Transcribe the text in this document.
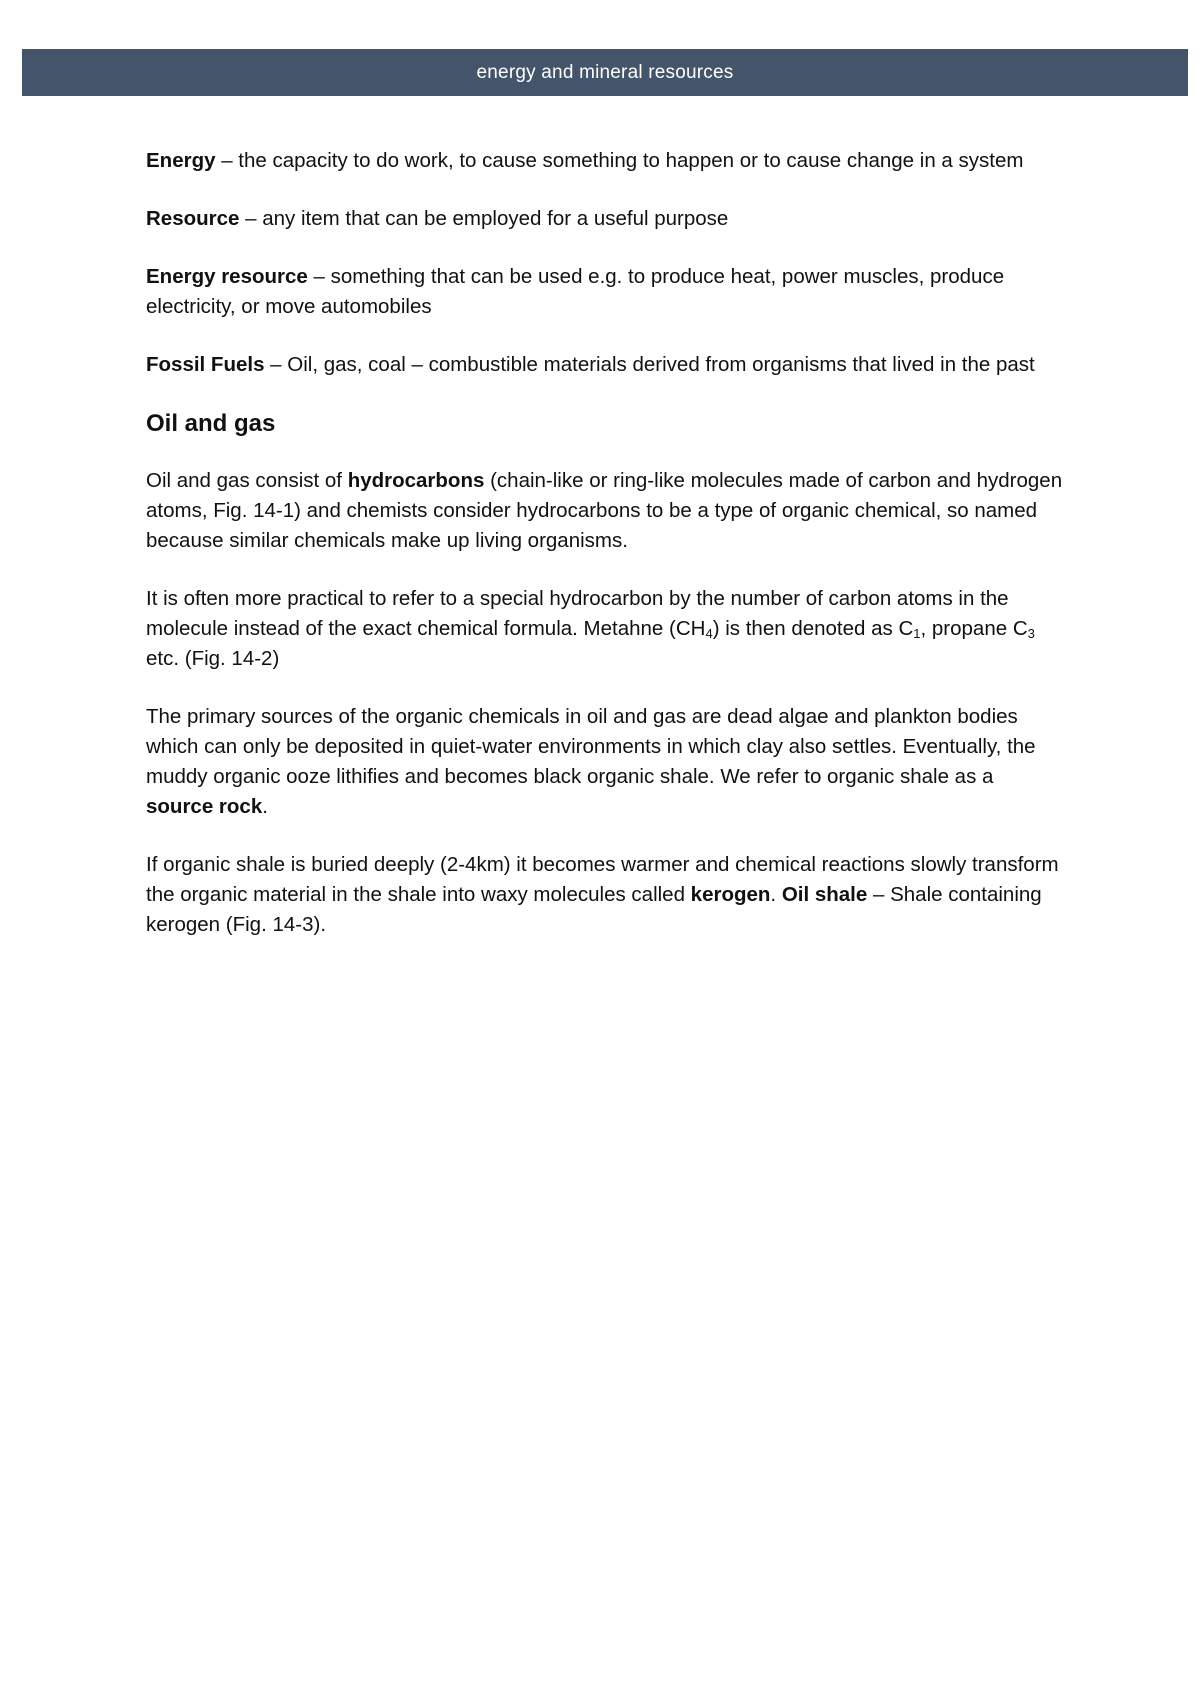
energy and mineral resources

Energy – the capacity to do work, to cause something to happen or to cause change in a system

Resource – any item that can be employed for a useful purpose

Energy resource – something that can be used e.g. to produce heat, power muscles, produce electricity, or move automobiles

Fossil Fuels – Oil, gas, coal – combustible materials derived from organisms that lived in the past

Oil and gas

Oil and gas consist of hydrocarbons (chain-like or ring-like molecules made of carbon and hydrogen atoms, Fig. 14-1) and chemists consider hydrocarbons to be a type of organic chemical, so named because similar chemicals make up living organisms.

It is often more practical to refer to a special hydrocarbon by the number of carbon atoms in the molecule instead of the exact chemical formula. Metahne $(CH_4)$ is then denoted as $C_1$, propane $C_3$ etc. (Fig. 14-2)

The primary sources of the organic chemicals in oil and gas are dead algae and plankton bodies which can only be deposited in quiet-water environments in which clay also settles. Eventually, the muddy organic ooze lithifies and becomes black organic shale. We refer to organic shale as a source rock.

If organic shale is buried deeply (2-4km) it becomes warmer and chemical reactions slowly transform the organic material in the shale into waxy molecules called kerogen. Oil shale – Shale containing kerogen (Fig. 14-3).
